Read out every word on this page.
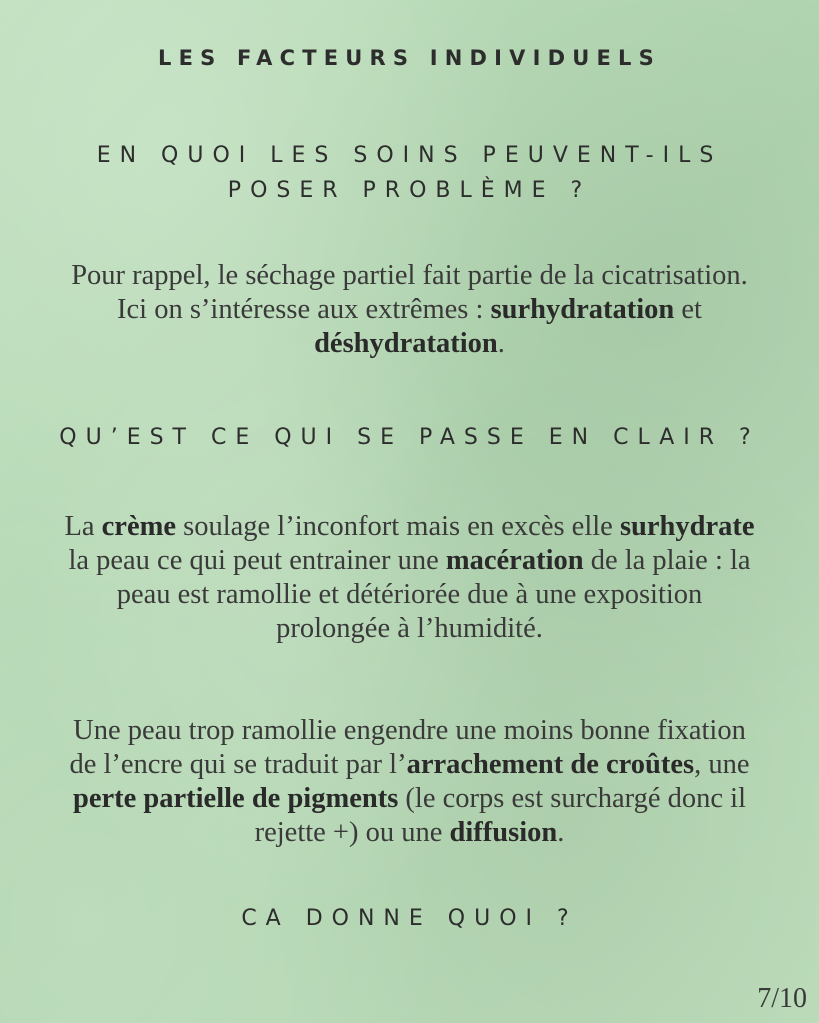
LES FACTEURS INDIVIDUELS
EN QUOI LES SOINS PEUVENT-ILS
POSER PROBLÈME ?
Pour rappel, le séchage partiel fait partie de la cicatrisation. Ici on s’intéresse aux extrêmes : surhydratation et déshydratation.
QU’EST CE QUI SE PASSE EN CLAIR ?
La crème soulage l’inconfort mais en excès elle surhydrate la peau ce qui peut entrainer une macération de la plaie : la peau est ramollie et détériorée due à une exposition prolongée à l’humidité.
Une peau trop ramollie engendre une moins bonne fixation de l’encre qui se traduit par l’arrachement de croûtes, une perte partielle de pigments (le corps est surchargé donc il rejette +) ou une diffusion.
CA DONNE QUOI ?
7/10
